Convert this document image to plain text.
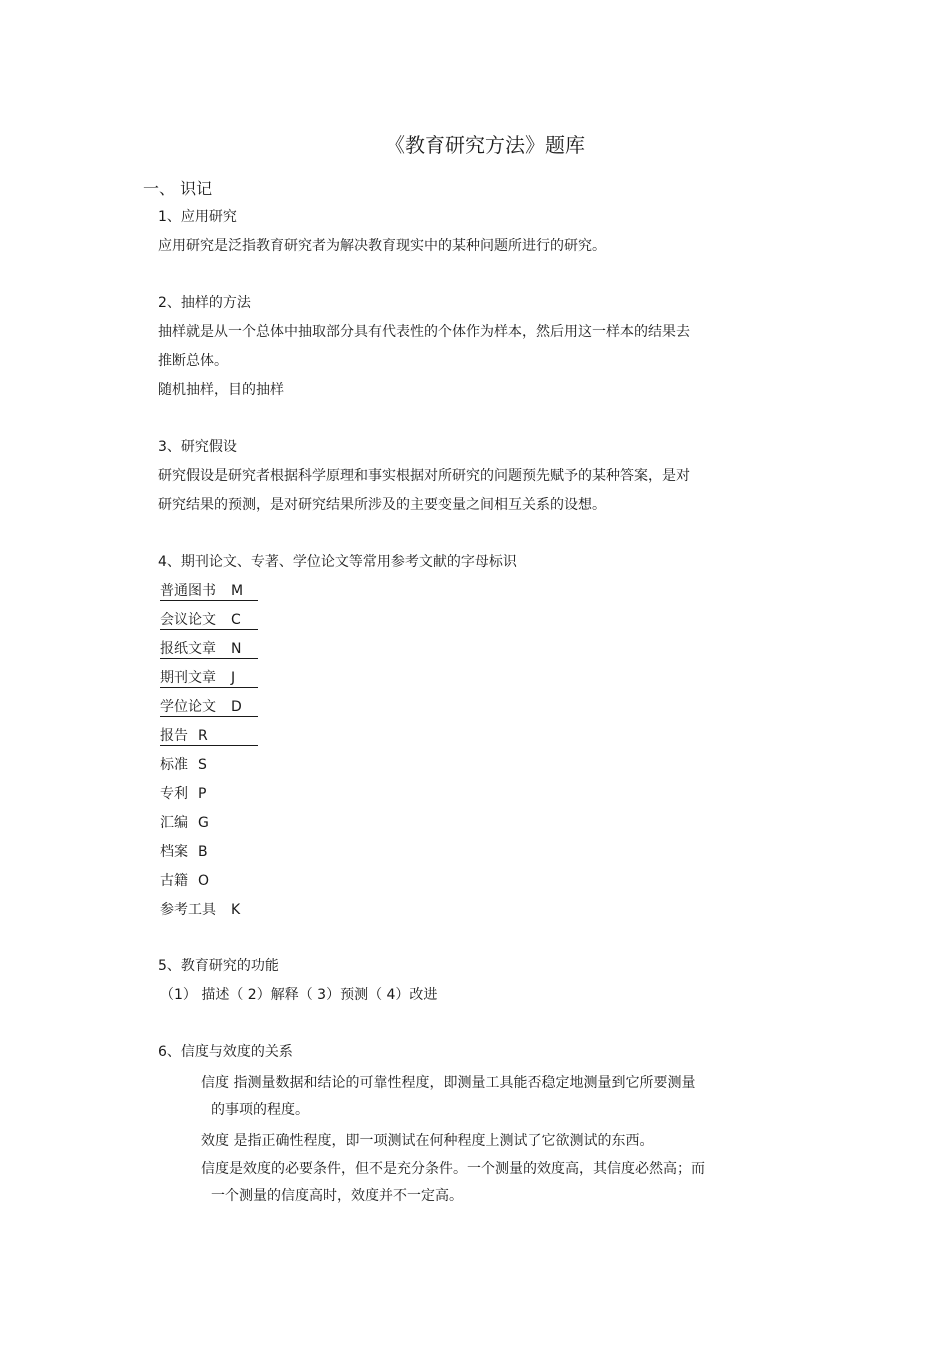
《教育研究方法》题库
一、 识记
1、应用研究
应用研究是泛指教育研究者为解决教育现实中的某种问题所进行的研究。
2、抽样的方法
抽样就是从一个总体中抽取部分具有代表性的个体作为样本，然后用这一样本的结果去
推断总体。
随机抽样，目的抽样
3、研究假设
研究假设是研究者根据科学原理和事实根据对所研究的问题预先赋予的某种答案，是对
研究结果的预测，是对研究结果所涉及的主要变量之间相互关系的设想。
4、期刊论文、专著、学位论文等常用参考文献的字母标识
普通图书 M
会议论文 C
报纸文章 N
期刊文章 J
学位论文 D
报告 R
标准 S
专利 P
汇编 G
档案 B
古籍 O
参考工具 K
5、教育研究的功能
（1） 描述（ 2）解释（ 3）预测（ 4）改进
6、信度与效度的关系
信度 指测量数据和结论的可靠性程度，即测量工具能否稳定地测量到它所要测量
的事项的程度。
效度 是指正确性程度，即一项测试在何种程度上测试了它欲测试的东西。
信度是效度的必要条件，但不是充分条件。一个测量的效度高，其信度必然高；而
一个测量的信度高时，效度并不一定高。
